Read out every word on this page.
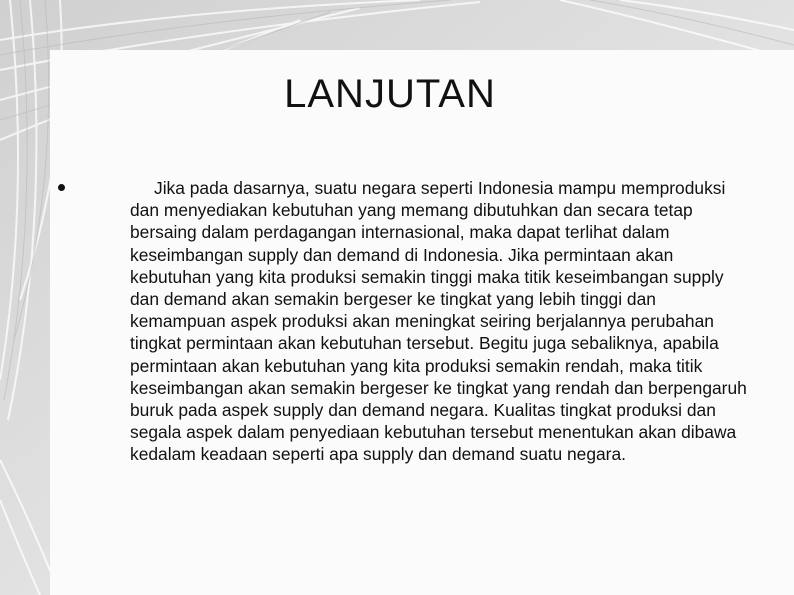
LANJUTAN

Jika pada dasarnya, suatu negara seperti Indonesia mampu memproduksi dan menyediakan kebutuhan yang memang dibutuhkan dan secara tetap bersaing dalam perdagangan internasional, maka dapat terlihat dalam keseimbangan supply dan demand di Indonesia. Jika permintaan akan kebutuhan yang kita produksi semakin tinggi maka titik keseimbangan supply dan demand akan semakin bergeser ke tingkat yang lebih tinggi dan kemampuan aspek produksi akan meningkat seiring berjalannya perubahan tingkat permintaan akan kebutuhan tersebut. Begitu juga sebaliknya, apabila permintaan akan kebutuhan yang kita produksi semakin rendah, maka titik keseimbangan akan semakin bergeser ke tingkat yang rendah dan berpengaruh buruk pada aspek supply dan demand negara. Kualitas tingkat produksi dan segala aspek dalam penyediaan kebutuhan tersebut menentukan akan dibawa kedalam keadaan seperti apa supply dan demand suatu negara.
